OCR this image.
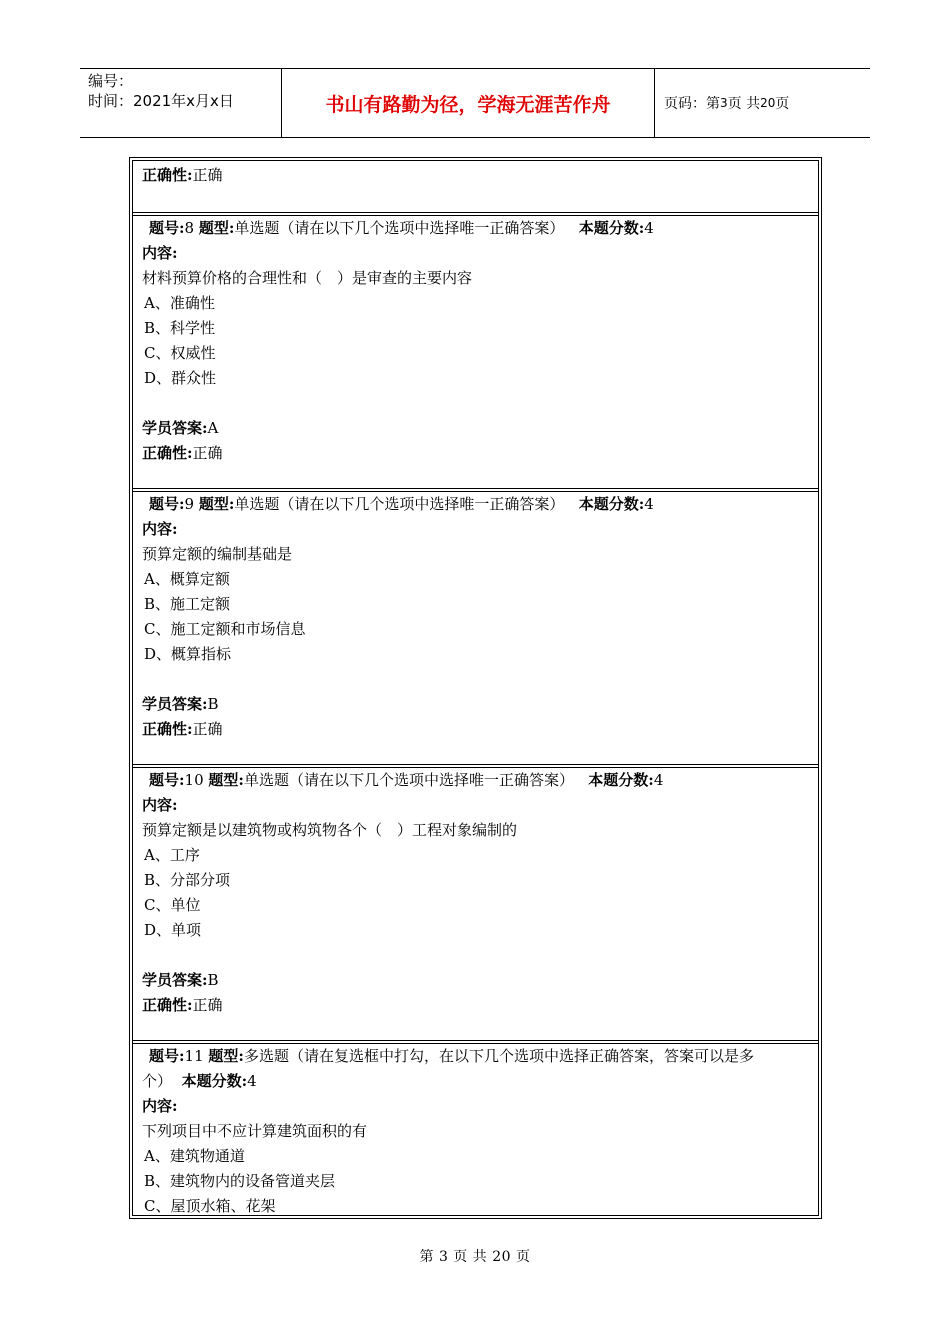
编号：
时间：2021年x月x日	书山有路勤为径，学海无涯苦作舟	页码：第 3 页 共 20 页
正确性:正确
题号:8 题型:单选题（请在以下几个选项中选择唯一正确答案） 本题分数:4
内容:
材料预算价格的合理性和（　）是审查的主要内容
A、准确性
B、科学性
C、权威性
D、群众性
学员答案:A
正确性:正确
题号:9 题型:单选题（请在以下几个选项中选择唯一正确答案） 本题分数:4
内容:
预算定额的编制基础是
A、概算定额
B、施工定额
C、施工定额和市场信息
D、概算指标
学员答案:B
正确性:正确
题号:10 题型:单选题（请在以下几个选项中选择唯一正确答案） 本题分数:4
内容:
预算定额是以建筑物或构筑物各个（　）工程对象编制的
A、工序
B、分部分项
C、单位
D、单项
学员答案:B
正确性:正确
题号:11 题型:多选题（请在复选框中打勾，在以下几个选项中选择正确答案，答案可以是多
个） 本题分数:4
内容:
下列项目中不应计算建筑面积的有
A、建筑物通道
B、建筑物内的设备管道夹层
C、屋顶水箱、花架
第 3 页 共 20 页
